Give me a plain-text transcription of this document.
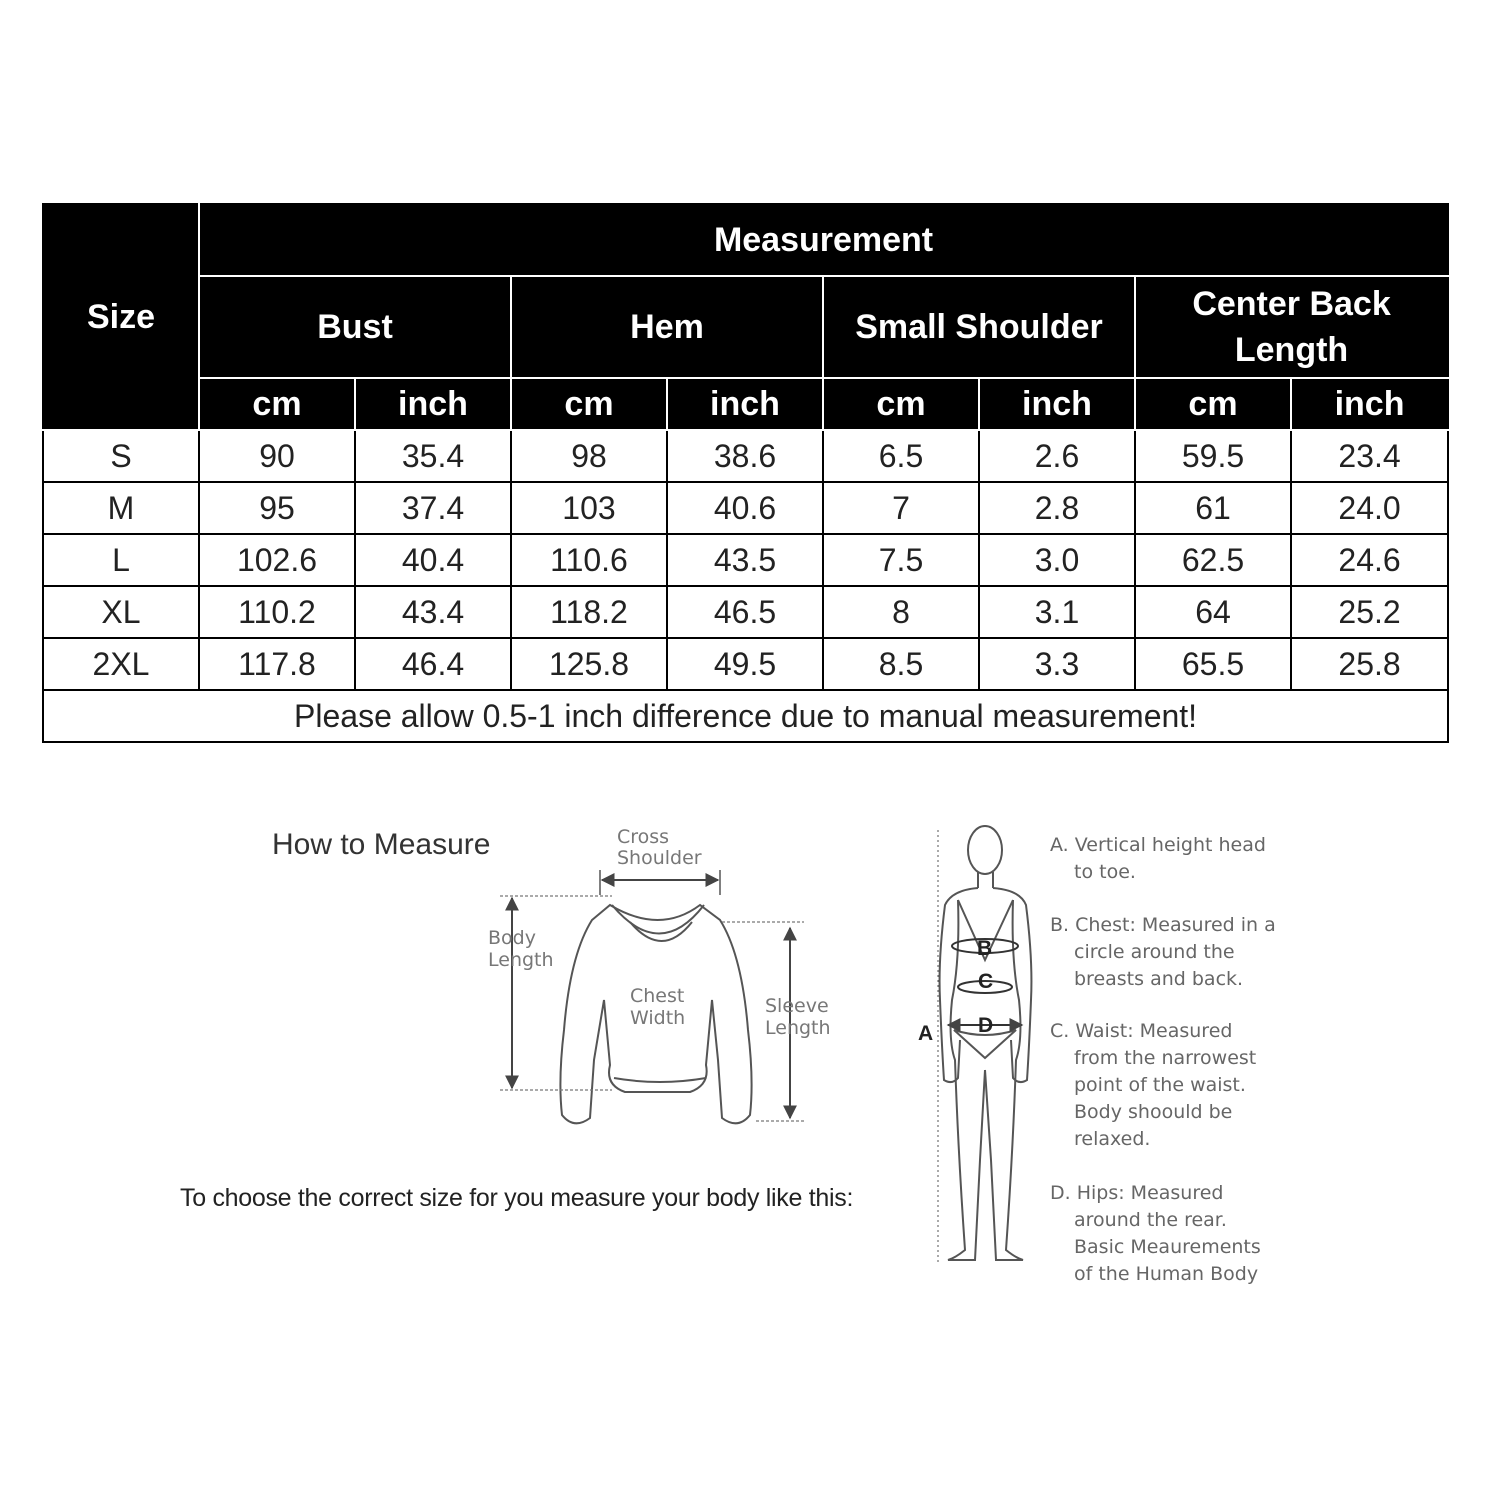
Size	Measurement							
	Bust		Hem		Small Shoulder		Center Back
Length	
	cm	inch	cm	inch	cm	inch	cm	inch
S	90	35.4	98	38.6	6.5	2.6	59.5	23.4
M	95	37.4	103	40.6	7	2.8	61	24.0
L	102.6	40.4	110.6	43.5	7.5	3.0	62.5	24.6
XL	110.2	43.4	118.2	46.5	8	3.1	64	25.2
2XL	117.8	46.4	125.8	49.5	8.5	3.3	65.5	25.8
Please allow 0.5-1 inch difference due to manual measurement!								
How to Measure
To choose the correct size for you measure your body like this:
Cross
Shoulder
Body
Length
Chest
Width
Sleeve
Length	A
B
C
D
A. Vertical height head
to toe.
B. Chest: Measured in a
circle around the
breasts and back.
C. Waist: Measured
from the narrowest
point of the waist.
Body shoould be
relaxed.
D. Hips: Measured
around the rear.
Basic Meaurements
of the Human Body
